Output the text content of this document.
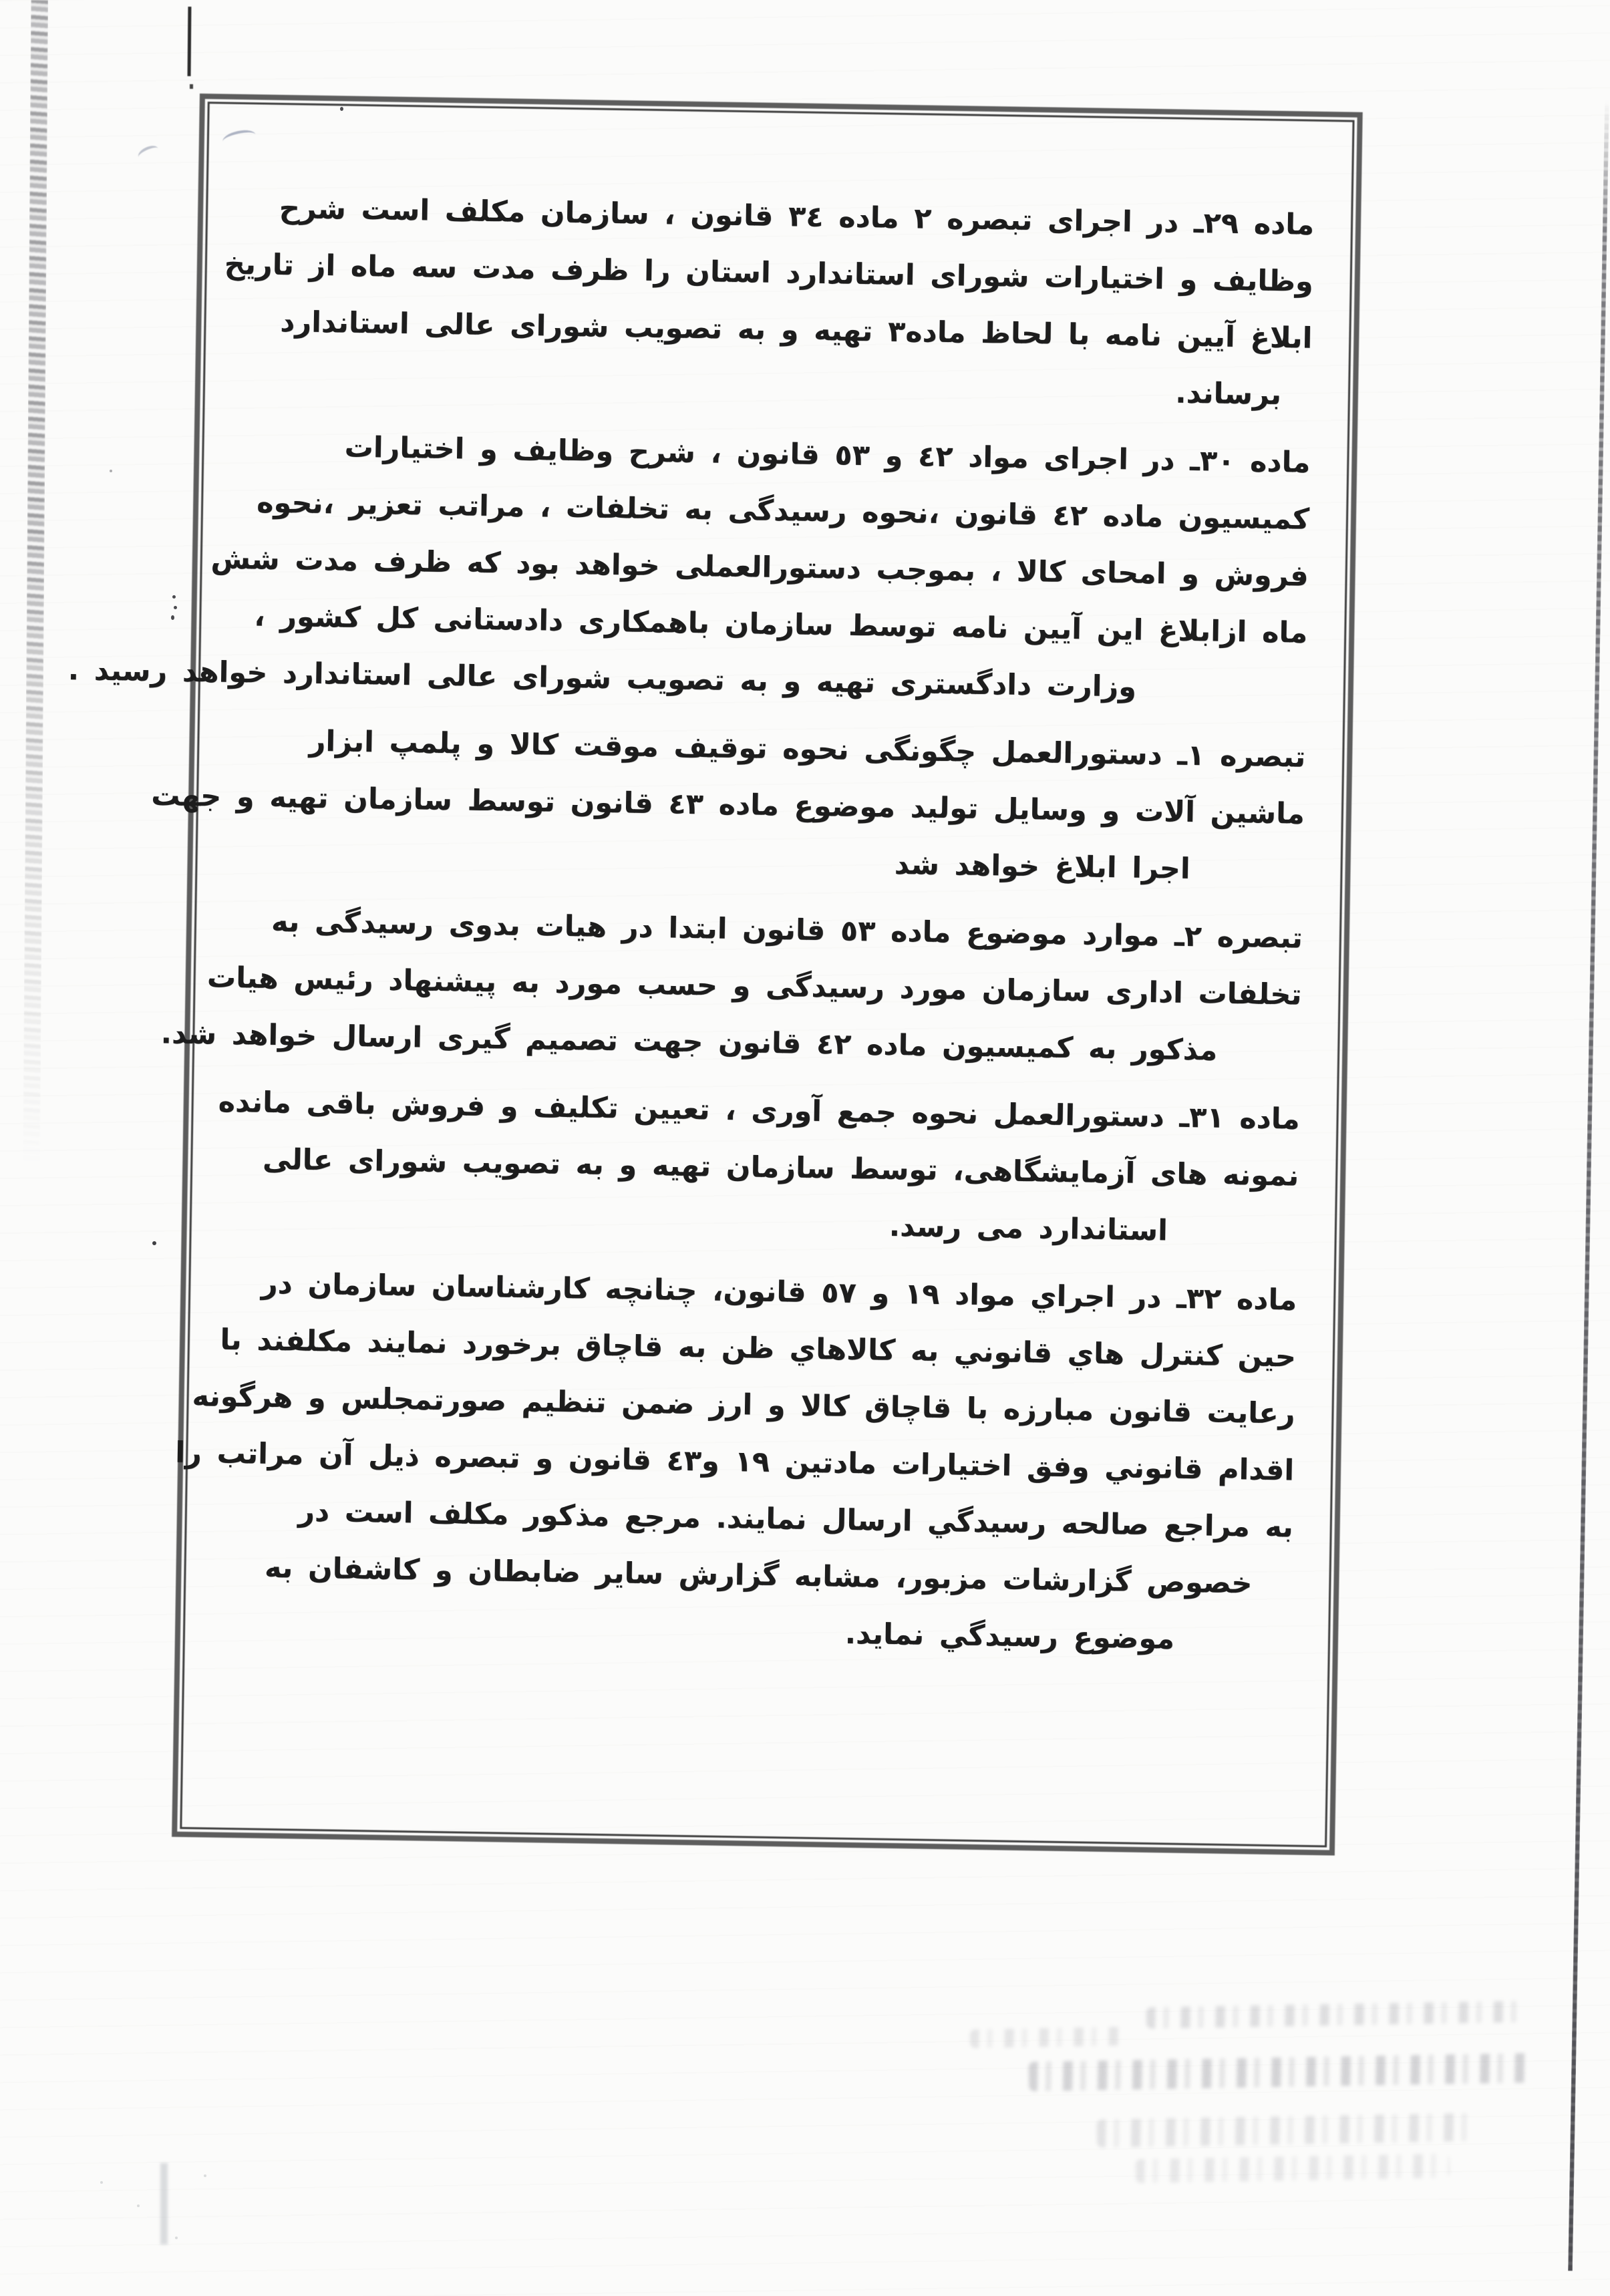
ماده ٢٩ـ در اجرای تبصره ٢ ماده ٣٤ قانون ، سازمان مکلف است شرح
وظایف و اختیارات شورای استاندارد استان را ظرف مدت سه ماه از تاریخ
ابلاغ آیین نامه با لحاظ ماده٣ تهیه و به تصویب شورای عالی استاندارد
برساند.
ماده ٣٠ـ در اجرای مواد ٤٢ و ٥٣ قانون ، شرح وظایف و اختیارات
کمیسیون ماده ٤٢ قانون ،نحوه رسیدگی به تخلفات ، مراتب تعزیر ،نحوه
فروش و امحای کالا ، بموجب دستورالعملی خواهد بود که ظرف مدت شش
ماه ازابلاغ این آیین نامه توسط سازمان باهمکاری دادستانی کل کشور ،
وزارت دادگستری تهیه و به تصویب شورای عالی استاندارد خواهد رسید .
تبصره ١ـ دستورالعمل چگونگی نحوه توقیف موقت کالا و پلمپ ابزار
ماشین آلات و وسایل تولید موضوع ماده ٤٣ قانون توسط سازمان تهیه و جهت
اجرا ابلاغ خواهد شد
تبصره ٢ـ موارد موضوع ماده ٥٣ قانون ابتدا در هیات بدوی رسیدگی به
تخلفات اداری سازمان مورد رسیدگی و حسب مورد به پیشنهاد رئیس هیات
مذکور به کمیسیون ماده ٤٢ قانون جهت تصمیم گیری ارسال خواهد شد.
ماده ٣١ـ دستورالعمل نحوه جمع آوری ، تعیین تکلیف و فروش باقی مانده
نمونه های آزمایشگاهی، توسط سازمان تهیه و به تصویب شورای عالی
استاندارد می رسد.
ماده ٣٢ـ در اجراي مواد ١٩ و ٥٧ قانون، چنانچه کارشناسان سازمان در
حین کنترل هاي قانوني به کالاهاي ظن به قاچاق برخورد نمایند مکلفند با
رعایت قانون مبارزه با قاچاق کالا و ارز ضمن تنظیم صورتمجلس و هرگونه
اقدام قانوني وفق اختیارات مادتین ١٩ و٤٣ قانون و تبصره ذیل آن مراتب را
به مراجع صالحه رسیدگي ارسال نمایند. مرجع مذکور مکلف است در
خصوص گزارشات مزبور، مشابه گزارش سایر ضابطان و کاشفان به
موضوع رسیدگي نماید.
